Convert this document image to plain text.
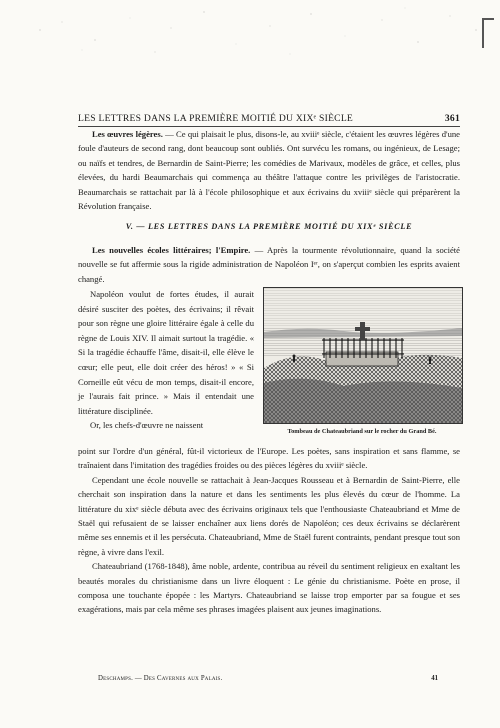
LES LETTRES DANS LA PREMIÈRE MOITIÉ DU XIXᵉ SIÈCLE	361
Les œuvres légères. — Ce qui plaisait le plus, disons-le, au xviiiᵉ siècle, c'étaient les œuvres légères d'une foule d'auteurs de second rang, dont beaucoup sont oubliés. Ont survécu les romans, ou ingénieux, de Lesage; ou naïfs et tendres, de Bernardin de Saint-Pierre; les comédies de Marivaux, modèles de grâce, et celles, plus élevées, du hardi Beaumarchais qui commença au théâtre l'attaque contre les privilèges de l'aristocratie. Beaumarchais se rattachait par là à l'école philosophique et aux écrivains du xviiiᵉ siècle qui préparèrent la Révolution française.
V. — LES LETTRES DANS LA PREMIÈRE MOITIÉ DU XIXᵉ SIÈCLE
Les nouvelles écoles littéraires; l'Empire. — Après la tourmente révolutionnaire, quand la société nouvelle se fut affermie sous la rigide administration de Napoléon Iᵉʳ, on s'aperçut combien les esprits avaient changé.

Napoléon voulut de fortes études, il aurait désiré susciter des poètes, des écrivains; il rêvait pour son règne une gloire littéraire égale à celle du règne de Louis XIV. Il aimait surtout la tragédie. « Si la tragédie échauffe l'âme, disait-il, elle élève le cœur; elle peut, elle doit créer des héros! » « Si Corneille eût vécu de mon temps, disait-il encore, je l'aurais fait prince. » Mais il entendait une littérature disciplinée.

Or, les chefs-d'œuvre ne naissent

Tombeau de Chateaubriand sur le rocher du Grand Bé.

point sur l'ordre d'un général, fût-il victorieux de l'Europe. Les poètes, sans inspiration et sans flamme, se traînaient dans l'imitation des tragédies froides ou des pièces légères du xviiiᵉ siècle.

Cependant une école nouvelle se rattachait à Jean-Jacques Rousseau et à Bernardin de Saint-Pierre, elle cherchait son inspiration dans la nature et dans les sentiments les plus élevés du cœur de l'homme. La littérature du xixᵉ siècle débuta avec des écrivains originaux tels que l'enthousiaste Chateaubriand et Mme de Staël qui refusaient de se laisser enchaîner aux liens dorés de Napoléon; ces deux écrivains se déclarèrent même ses ennemis et il les persécuta. Chateaubriand, Mme de Staël furent contraints, pendant presque tout son règne, à vivre dans l'exil.

Chateaubriand (1768-1848), âme noble, ardente, contribua au réveil du sentiment religieux en exaltant les beautés morales du christianisme dans un livre éloquent : Le génie du christianisme. Poète en prose, il composa une touchante épopée : les Martyrs. Chateaubriand se laisse trop emporter par sa fougue et ses exagérations, mais par cela même ses phrases imagées plaisent aux jeunes imaginations.

Deschamps. — Des Cavernes aux Palais.	41
